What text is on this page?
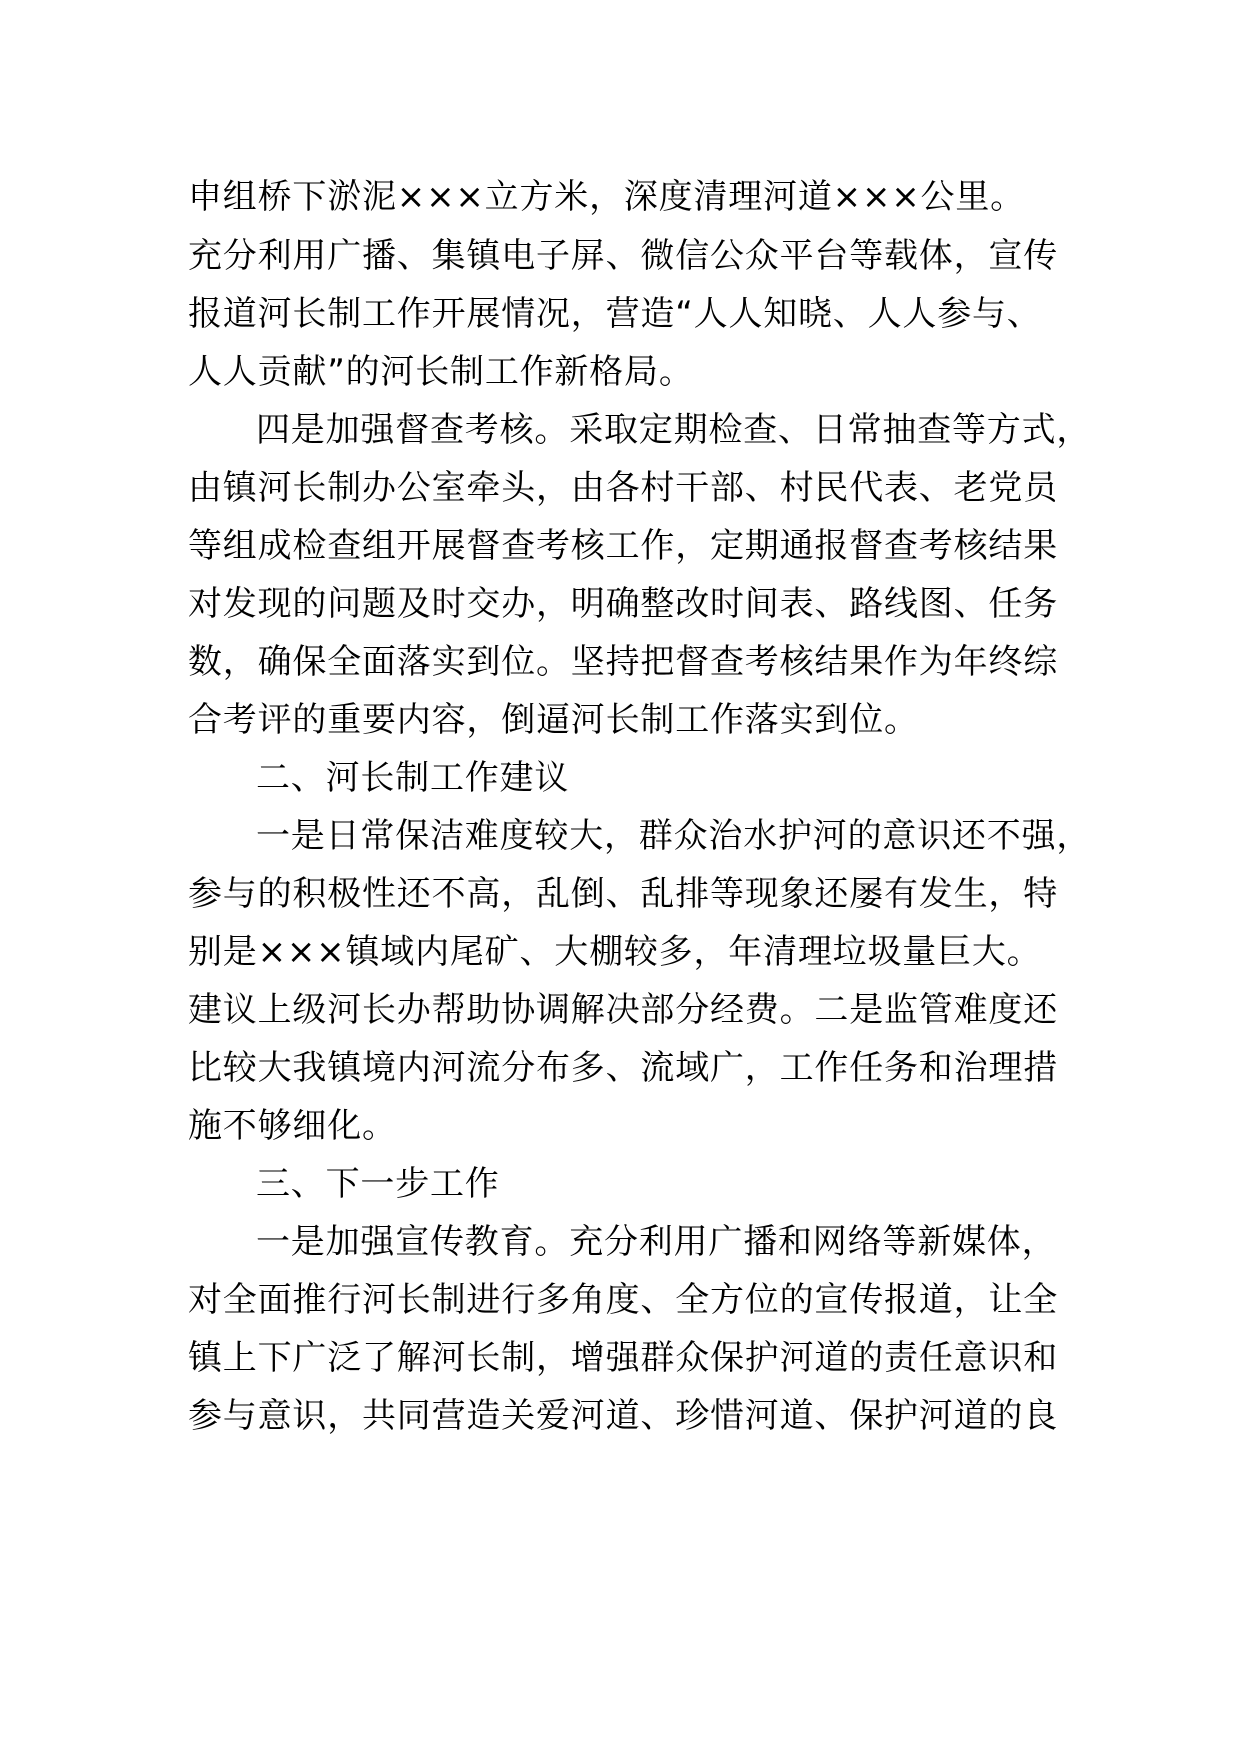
申组桥下淤泥×××立方米，深度清理河道×××公里。
充分利用广播、集镇电子屏、微信公众平台等载体，宣传
报道河长制工作开展情况，营造“人人知晓、人人参与、
人人贡献”的河长制工作新格局。
四是加强督查考核。采取定期检查、日常抽查等方式，
由镇河长制办公室牵头，由各村干部、村民代表、老党员
等组成检查组开展督查考核工作，定期通报督查考核结果
对发现的问题及时交办，明确整改时间表、路线图、任务
数，确保全面落实到位。坚持把督查考核结果作为年终综
合考评的重要内容，倒逼河长制工作落实到位。
二、河长制工作建议
一是日常保洁难度较大，群众治水护河的意识还不强，
参与的积极性还不高，乱倒、乱排等现象还屡有发生，特
别是×××镇域内尾矿、大棚较多，年清理垃圾量巨大。
建议上级河长办帮助协调解决部分经费。二是监管难度还
比较大我镇境内河流分布多、流域广，工作任务和治理措
施不够细化。
三、下一步工作
一是加强宣传教育。充分利用广播和网络等新媒体，
对全面推行河长制进行多角度、全方位的宣传报道，让全
镇上下广泛了解河长制，增强群众保护河道的责任意识和
参与意识，共同营造关爱河道、珍惜河道、保护河道的良
